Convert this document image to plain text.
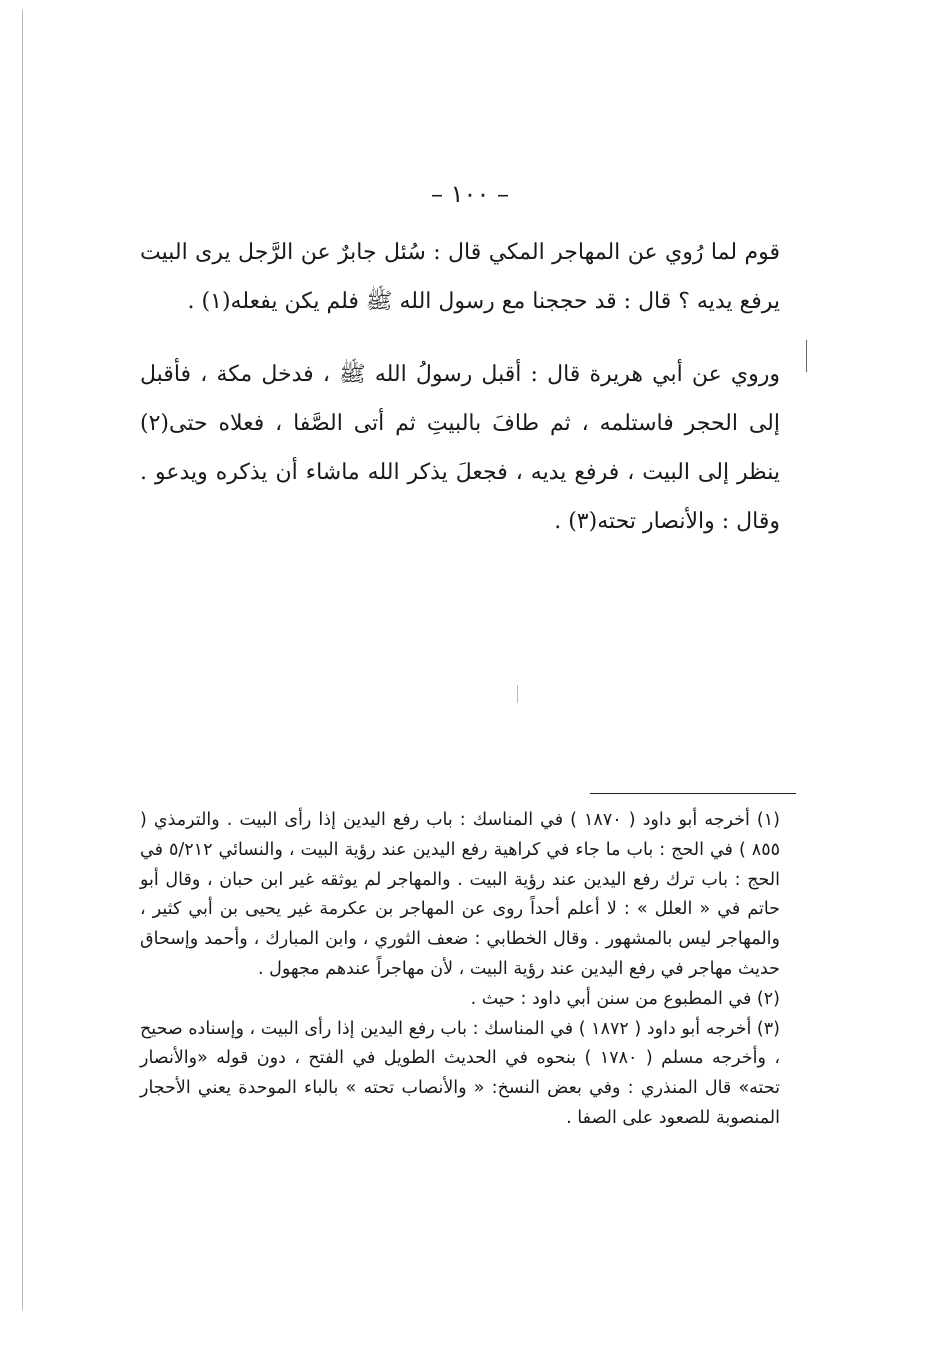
– ١٠٠ –
قوم لما رُوي عن المهاجر المكي قال : سُئل جابرٌ عن الرَّجل يرى البيت يرفع يديه ؟ قال : قد حججنا مع رسول الله ﷺ فلم يكن يفعله(١) .
وروي عن أبي هريرة قال : أقبل رسولُ الله ﷺ ، فدخل مكة ، فأقبل إلى الحجر فاستلمه ، ثم طافَ بالبيتِ ثم أتى الصَّفا ، فعلاه حتى(٢) ينظر إلى البيت ، فرفع يديه ، فجعلَ يذكر الله ماشاء أن يذكره ويدعو . وقال : والأنصار تحته(٣) .

(١) أخرجه أبو داود ( ١٨٧٠ ) في المناسك : باب رفع اليدين إذا رأى البيت . والترمذي ( ٨٥٥ ) في الحج : باب ما جاء في كراهية رفع اليدين عند رؤية البيت ، والنسائي ٥/٢١٢ في الحج : باب ترك رفع اليدين عند رؤية البيت . والمهاجر لم يوثقه غير ابن حبان ، وقال أبو حاتم في « العلل » : لا أعلم أحداً روى عن المهاجر بن عكرمة غير يحيى بن أبي كثير ، والمهاجر ليس بالمشهور . وقال الخطابي : ضعف الثوري ، وابن المبارك ، وأحمد وإسحاق حديث مهاجر في رفع اليدين عند رؤية البيت ، لأن مهاجراً عندهم مجهول .

(٢) في المطبوع من سنن أبي داود : حيث .

(٣) أخرجه أبو داود ( ١٨٧٢ ) في المناسك : باب رفع اليدين إذا رأى البيت ، وإسناده صحيح ، وأخرجه مسلم ( ١٧٨٠ ) بنحوه في الحديث الطويل في الفتح ، دون قوله «والأنصار تحته» قال المنذري : وفي بعض النسخ: « والأنصاب تحته » بالباء الموحدة يعني الأحجار المنصوبة للصعود على الصفا .
